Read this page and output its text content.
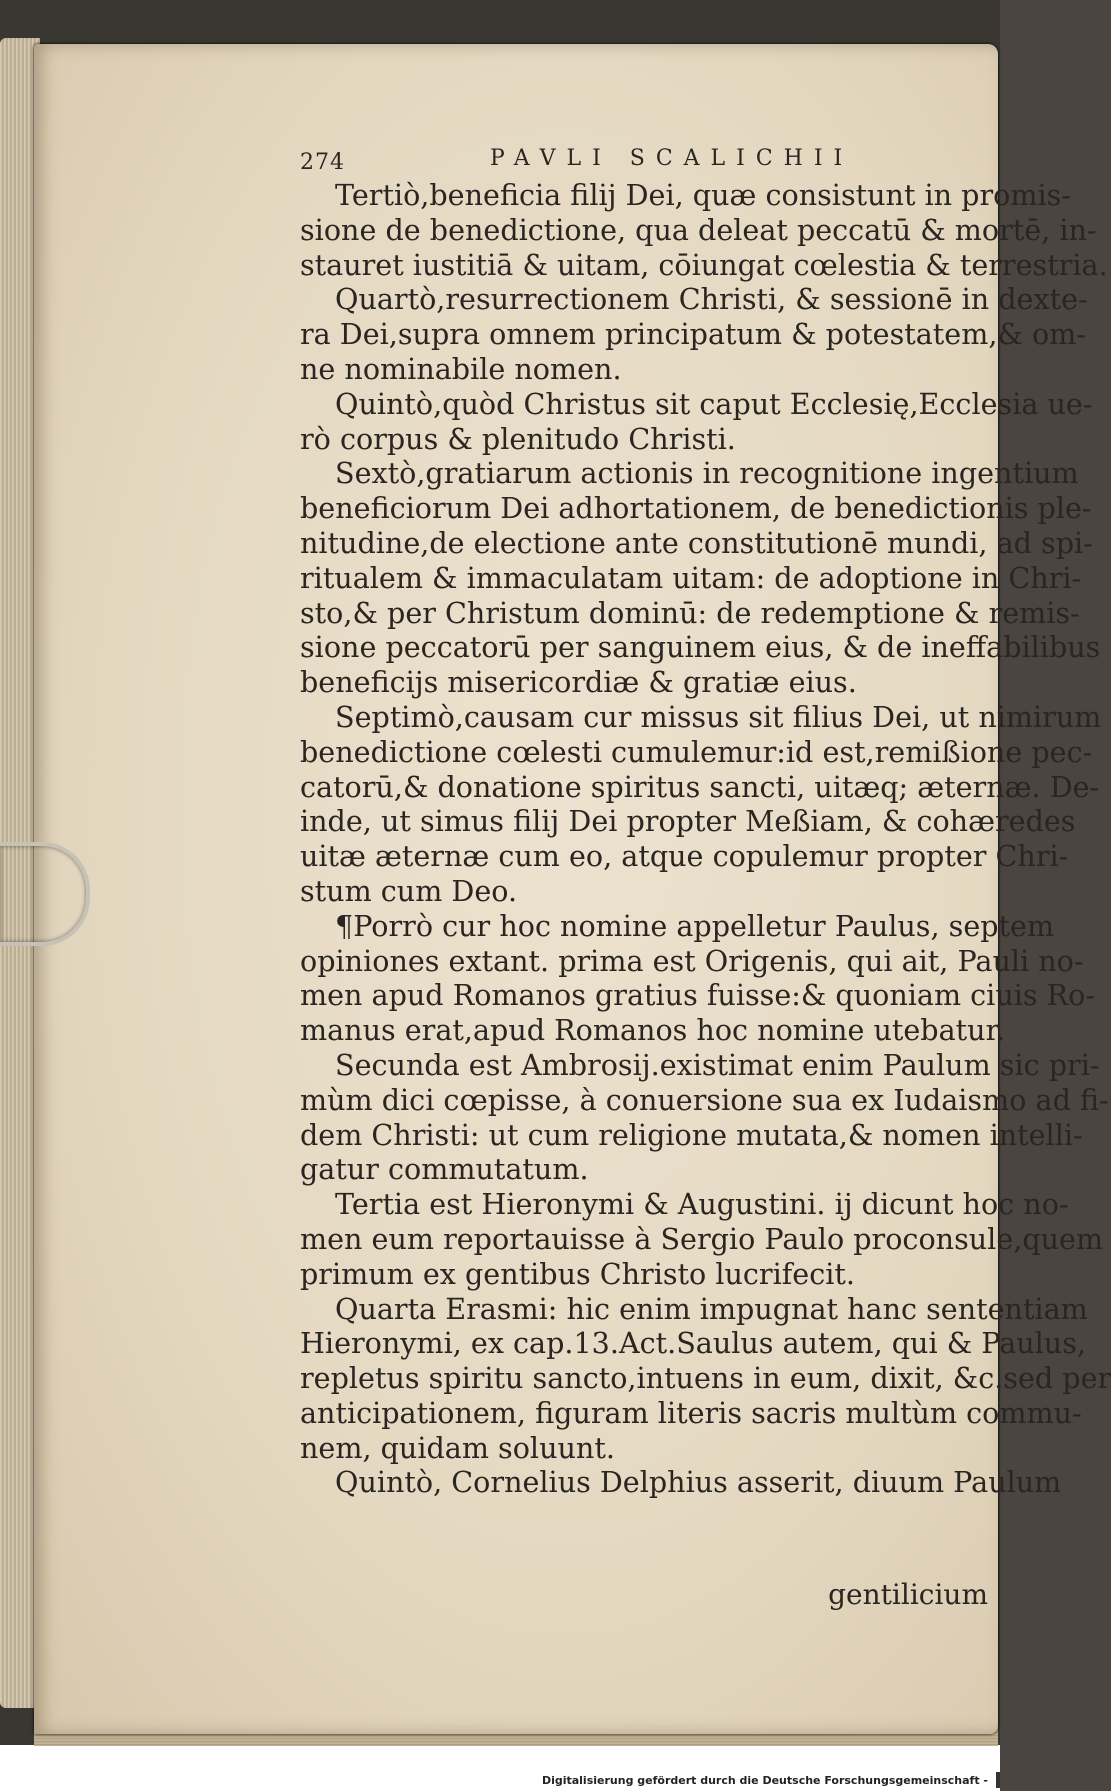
274	PAVLI SCALICHII
Tertiò,beneficia filij Dei, quæ consistunt in promis-
sione de benedictione, qua deleat peccatū & mortē, in-
stauret iustitiā & uitam, cōiungat cœlestia & terrestria.
Quartò,resurrectionem Christi, & sessionē in dexte-
ra Dei,supra omnem principatum & potestatem,& om-
ne nominabile nomen.
Quintò,quòd Christus sit caput Ecclesię,Ecclesia ue-
rò corpus & plenitudo Christi.
Sextò,gratiarum actionis in recognitione ingentium
beneficiorum Dei adhortationem, de benedictionis ple-
nitudine,de electione ante constitutionē mundi, ad spi-
ritualem & immaculatam uitam: de adoptione in Chri-
sto,& per Christum dominū: de redemptione & remis-
sione peccatorū per sanguinem eius, & de ineffabilibus
beneficijs misericordiæ & gratiæ eius.
Septimò,causam cur missus sit filius Dei, ut nimirum
benedictione cœlesti cumulemur:id est,remißione pec-
catorū,& donatione spiritus sancti, uitæq; æternæ. De-
inde, ut simus filij Dei propter Meßiam, & cohæredes
uitæ æternæ cum eo, atque copulemur propter Chri-
stum cum Deo.
¶Porrò cur hoc nomine appelletur Paulus, septem
opiniones extant. prima est Origenis, qui ait, Pauli no-
men apud Romanos gratius fuisse:& quoniam ciuis Ro-
manus erat,apud Romanos hoc nomine utebatur.
Secunda est Ambrosij.existimat enim Paulum sic pri-
mùm dici cœpisse, à conuersione sua ex Iudaismo ad fi-
dem Christi: ut cum religione mutata,& nomen intelli-
gatur commutatum.
Tertia est Hieronymi & Augustini. ij dicunt hoc no-
men eum reportauisse à Sergio Paulo proconsule,quem
primum ex gentibus Christo lucrifecit.
Quarta Erasmi: hic enim impugnat hanc sententiam
Hieronymi, ex cap.13.Act.Saulus autem, qui & Paulus,
repletus spiritu sancto,intuens in eum, dixit, &c.sed per
anticipationem, figuram literis sacris multùm commu-
nem, quidam soluunt.
Quintò, Cornelius Delphius asserit, diuum Paulum
gentilicium
Digitalisierung gefördert durch die Deutsche Forschungsgemeinschaft -
